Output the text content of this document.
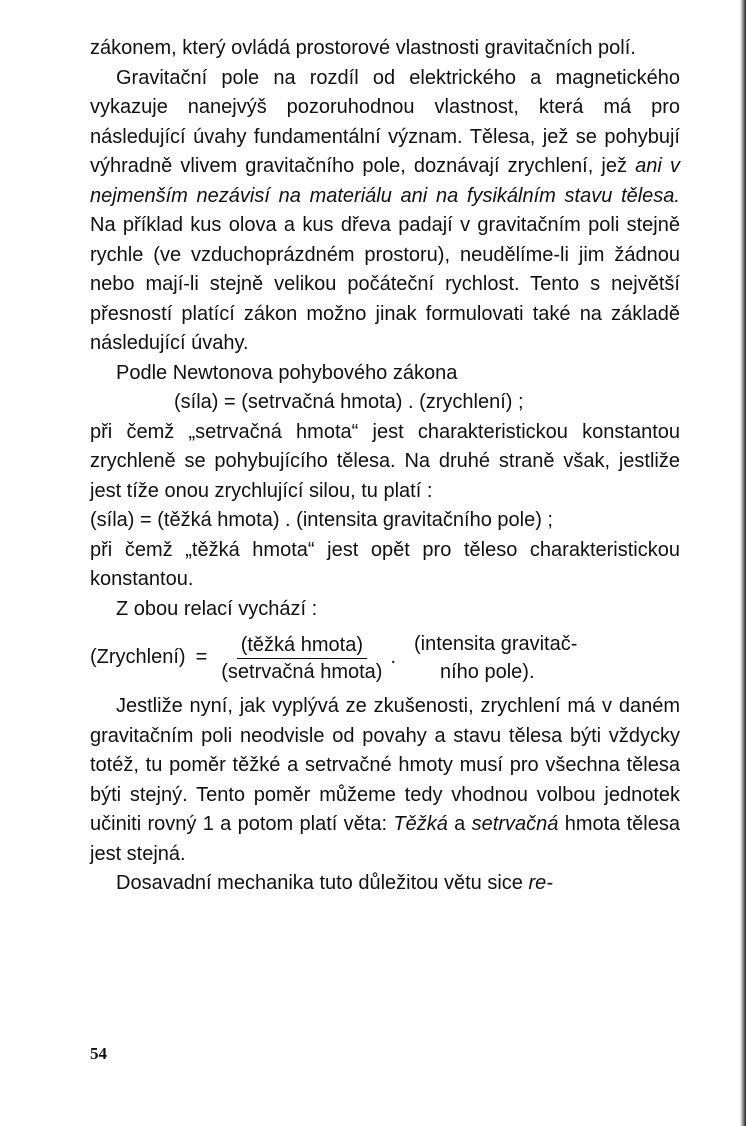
zákonem, který ovládá prostorové vlastnosti gravitačních polí.

Gravitační pole na rozdíl od elektrického a magnetického vykazuje nanejvýš pozoruhodnou vlastnost, která má pro následující úvahy fundamentální význam. Tělesa, jež se pohybují výhradně vlivem gravitačního pole, doznávají zrychlení, jež ani v nejmenším nezávisí na materiálu ani na fysikálním stavu tělesa. Na příklad kus olova a kus dřeva padají v gravitačním poli stejně rychle (ve vzduchoprázdném prostoru), neudělíme-li jim žádnou nebo mají-li stejně velikou počáteční rychlost. Tento s největší přesností platící zákon možno jinak formulovati také na základě následující úvahy.

Podle Newtonova pohybového zákona

(síla) = (setrvačná hmota) . (zrychlení) ;

při čemž „setrvačná hmota“ jest charakteristickou konstantou zrychleně se pohybujícího tělesa. Na druhé straně však, jestliže jest tíže onou zrychlující silou, tu platí :

(síla) = (těžká hmota) . (intensita gravitačního pole) ;

při čemž „těžká hmota“ jest opět pro těleso charakteristickou konstantou.

Z obou relací vychází :

(Zrychlení) = $\frac{\text{(těžká hmota)}}{\text{(setrvačná hmota)}}$ .
(intensita gravitač-
ního pole).

Jestliže nyní, jak vyplývá ze zkušenosti, zrychlení má v daném gravitačním poli neodvisle od povahy a stavu tělesa býti vždycky totéž, tu poměr těžké a setrvačné hmoty musí pro všechna tělesa býti stejný. Tento poměr můžeme tedy vhodnou volbou jednotek učiniti rovný 1 a potom platí věta: Těžká a setrvačná hmota tělesa jest stejná.

Dosavadní mechanika tuto důležitou větu sice re-

54
